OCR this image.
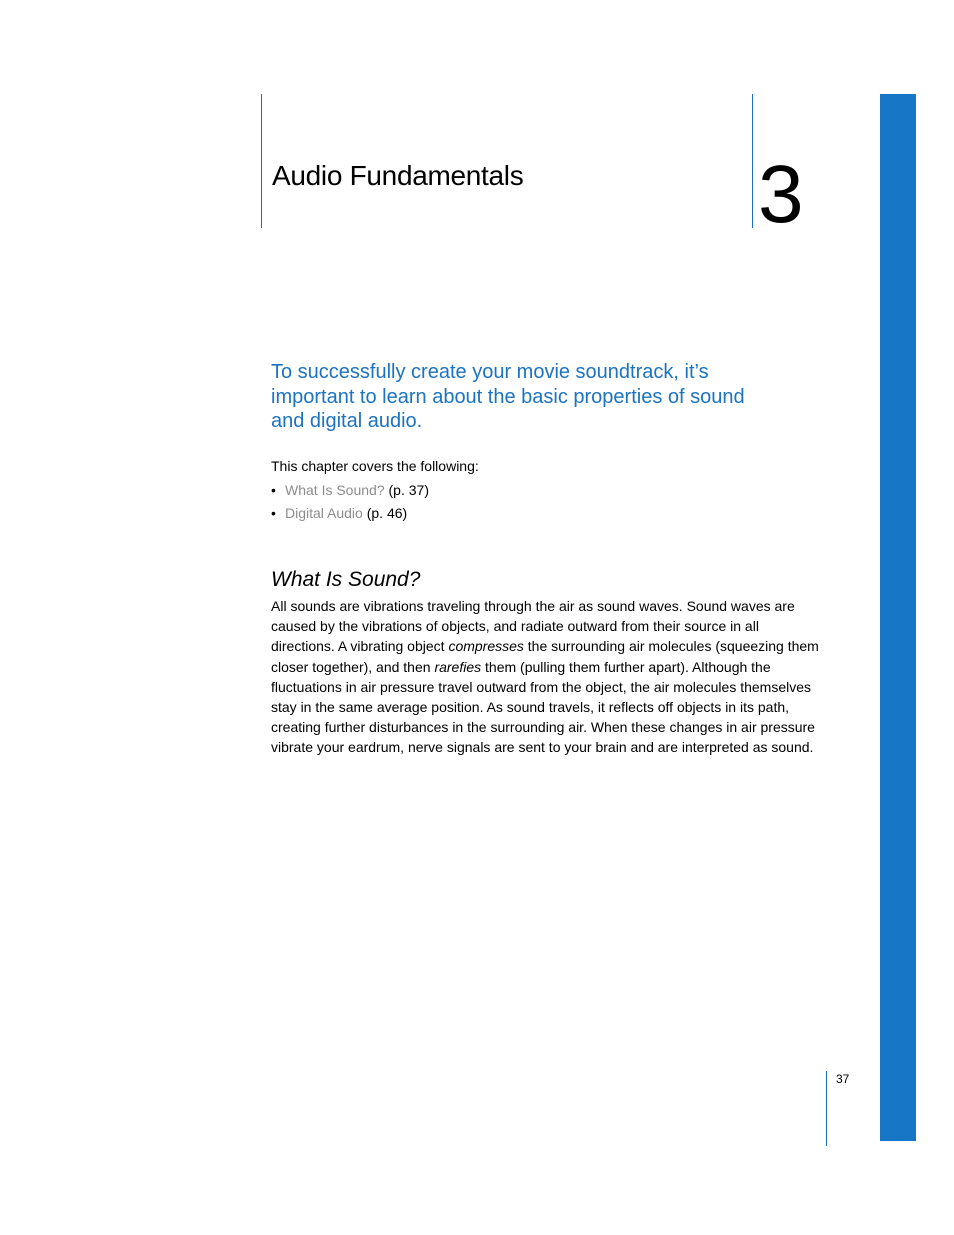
Audio Fundamentals	3

To successfully create your movie soundtrack, it’s important to learn about the basic properties of sound and digital audio.

This chapter covers the following:
• What Is Sound? (p. 37)
• Digital Audio (p. 46)
What Is Sound?

All sounds are vibrations traveling through the air as sound waves. Sound waves are
caused by the vibrations of objects, and radiate outward from their source in all
directions. A vibrating object compresses the surrounding air molecules (squeezing them
closer together), and then rarefies them (pulling them further apart). Although the
fluctuations in air pressure travel outward from the object, the air molecules themselves
stay in the same average position. As sound travels, it reflects off objects in its path,
creating further disturbances in the surrounding air. When these changes in air pressure
vibrate your eardrum, nerve signals are sent to your brain and are interpreted as sound.

37
